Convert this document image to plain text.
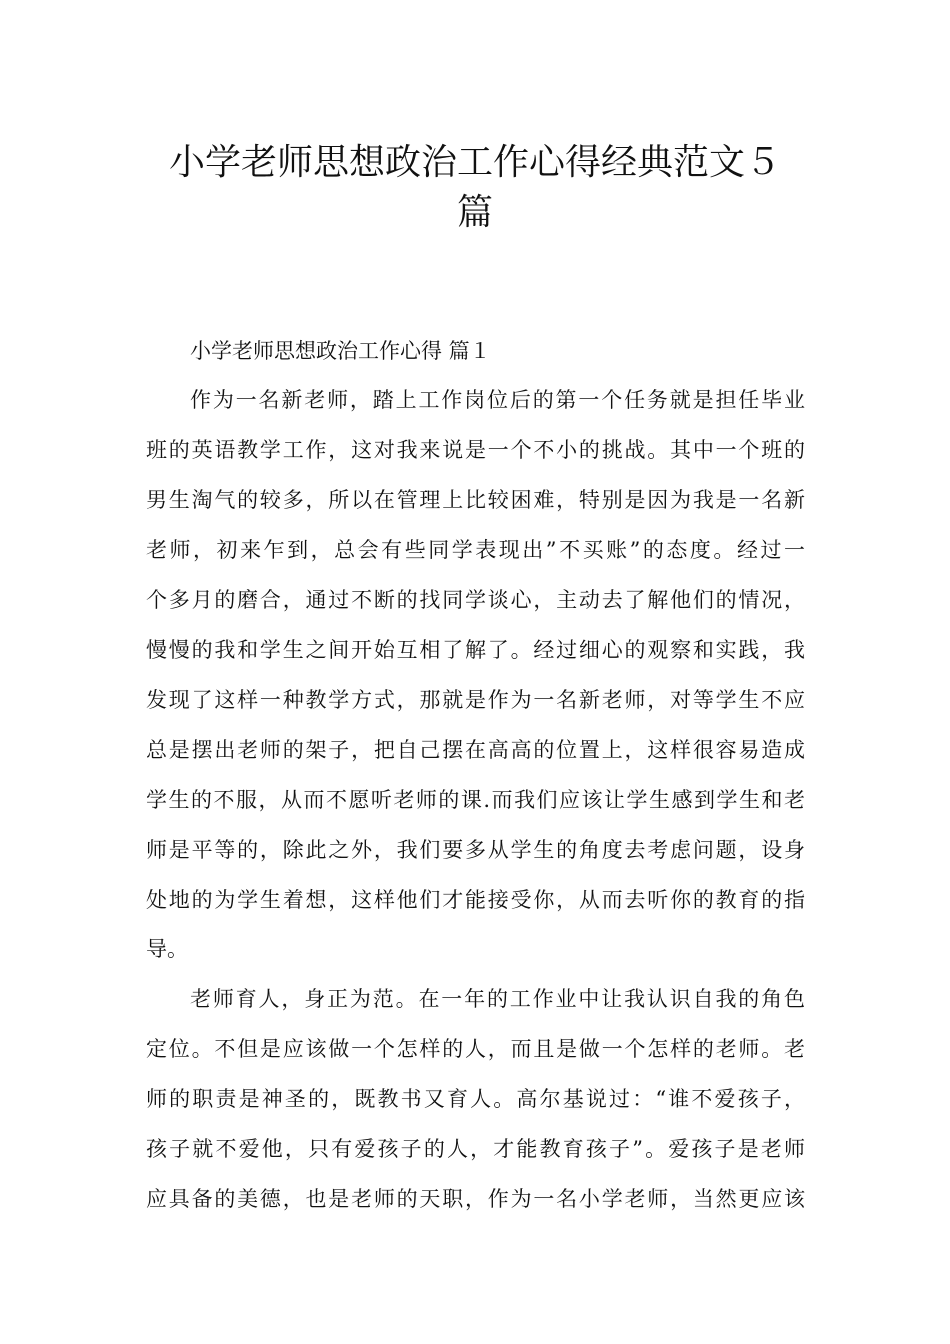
小学老师思想政治工作心得经典范文５
篇
小学老师思想政治工作心得 篇１
作为一名新老师，踏上工作岗位后的第一个任务就是担任毕业
班的英语教学工作，这对我来说是一个不小的挑战。其中一个班的
男生淘气的较多，所以在管理上比较困难，特别是因为我是一名新
老师，初来乍到，总会有些同学表现出”不买账”的态度。经过一
个多月的磨合，通过不断的找同学谈心，主动去了解他们的情况，
慢慢的我和学生之间开始互相了解了。经过细心的观察和实践，我
发现了这样一种教学方式，那就是作为一名新老师，对等学生不应
总是摆出老师的架子，把自己摆在高高的位置上，这样很容易造成
学生的不服，从而不愿听老师的课.而我们应该让学生感到学生和老
师是平等的，除此之外，我们要多从学生的角度去考虑问题，设身
处地的为学生着想，这样他们才能接受你，从而去听你的教育的指
导。
老师育人，身正为范。在一年的工作业中让我认识自我的角色
定位。不但是应该做一个怎样的人，而且是做一个怎样的老师。老
师的职责是神圣的，既教书又育人。高尔基说过：“谁不爱孩子，
孩子就不爱他，只有爱孩子的人，才能教育孩子”。爱孩子是老师
应具备的美德，也是老师的天职，作为一名小学老师，当然更应该
